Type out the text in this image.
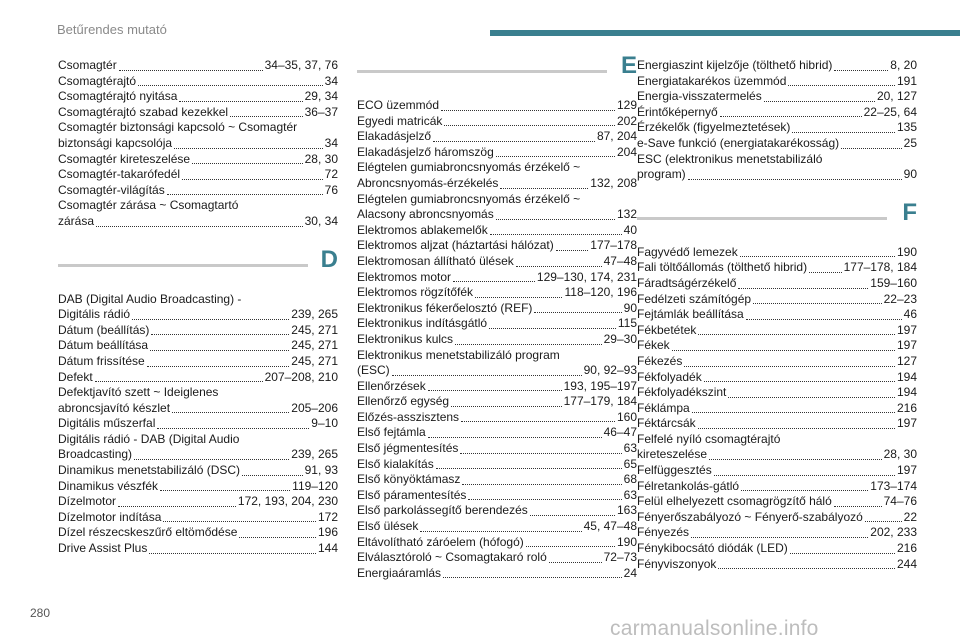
Betűrendes mutató
Csomagtér	34–35, 37, 76
Csomagtérajtó	34
Csomagtérajtó nyitása	29, 34
Csomagtérajtó szabad kezekkel	36–37
Csomagtér biztonsági kapcsoló ~ Csomagtér
biztonsági kapcsolója	34
Csomagtér kireteszelése	28, 30
Csomagtér-takarófedél	72
Csomagtér-világítás	76
Csomagtér zárása ~ Csomagtartó
zárása	30, 34
D
DAB (Digital Audio Broadcasting) -
Digitális rádió	239, 265
Dátum (beállítás)	245, 271
Dátum beállítása	245, 271
Dátum frissítése	245, 271
Defekt	207–208, 210
Defektjavító szett ~ Ideiglenes
abroncsjavító készlet	205–206
Digitális műszerfal	9–10
Digitális rádió - DAB (Digital Audio
Broadcasting)	239, 265
Dinamikus menetstabilizáló (DSC)	91, 93
Dinamikus vészfék	119–120
Dízelmotor	172, 193, 204, 230
Dízelmotor indítása	172
Dízel részecskeszűrő eltömődése	196
Drive Assist Plus	144
E
ECO üzemmód	129
Egyedi matricák	202
Elakadásjelző	87, 204
Elakadásjelző háromszög	204
Elégtelen gumiabroncsnyomás érzékelő ~
Abroncsnyomás-érzékelés	132, 208
Elégtelen gumiabroncsnyomás érzékelő ~
Alacsony abroncsnyomás	132
Elektromos ablakemelők	40
Elektromos aljzat (háztartási hálózat)	177–178
Elektromosan állítható ülések	47–48
Elektromos motor	129–130, 174, 231
Elektromos rögzítőfék	118–120, 196
Elektronikus fékerőelosztó (REF)	90
Elektronikus indításgátló	115
Elektronikus kulcs	29–30
Elektronikus menetstabilizáló program
(ESC)	90, 92–93
Ellenőrzések	193, 195–197
Ellenőrző egység	177–179, 184
Előzés-asszisztens	160
Első fejtámla	46–47
Első jégmentesítés	63
Első kialakítás	65
Első könyöktámasz	68
Első páramentesítés	63
Első parkolássegítő berendezés	163
Első ülések	45, 47–48
Eltávolítható záróelem (hófogó)	190
Elválasztóroló ~ Csomagtakaró roló	72–73
Energiaáramlás	24
Energiaszint kijelzője (tölthető hibrid)	8, 20
Energiatakarékos üzemmód	191
Energia-visszatermelés	20, 127
Érintőképernyő	22–25, 64
Érzékelők (figyelmeztetések)	135
e-Save funkció (energiatakarékosság)	25
ESC (elektronikus menetstabilizáló
program)	90
F
Fagyvédő lemezek	190
Fali töltőállomás (tölthető hibrid)	177–178, 184
Fáradtságérzékelő	159–160
Fedélzeti számítógép	22–23
Fejtámlák beállítása	46
Fékbetétek	197
Fékek	197
Fékezés	127
Fékfolyadék	194
Fékfolyadékszint	194
Féklámpa	216
Féktárcsák	197
Felfelé nyíló csomagtérajtó
kireteszelése	28, 30
Felfüggesztés	197
Félretankolás-gátló	173–174
Felül elhelyezett csomagrögzítő háló	74–76
Fényerőszabályozó ~ Fényerő-szabályozó	22
Fényezés	202, 233
Fénykibocsátó diódák (LED)	216
Fényviszonyok	244
280
carmanualsonline.info
